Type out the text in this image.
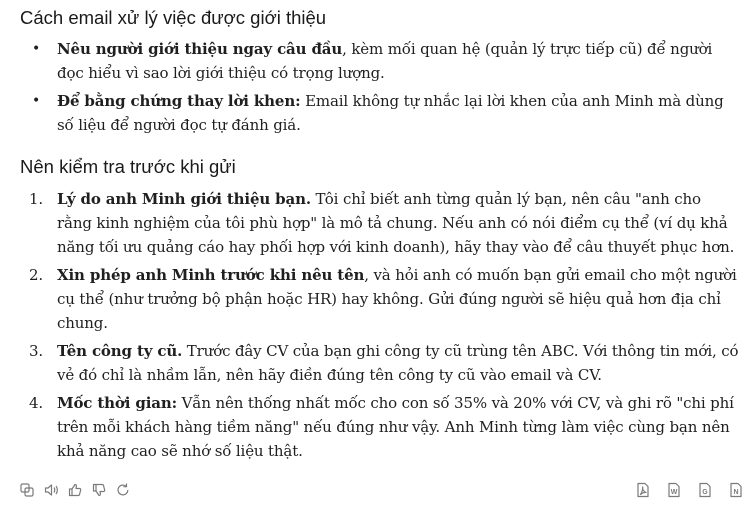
Cách email xử lý việc được giới thiệu
• Nêu người giới thiệu ngay câu đầu, kèm mối quan hệ (quản lý trực tiếp cũ) để người đọc hiểu vì sao lời giới thiệu có trọng lượng.
• Để bằng chứng thay lời khen: Email không tự nhắc lại lời khen của anh Minh mà dùng số liệu để người đọc tự đánh giá.
Nên kiểm tra trước khi gửi
1. Lý do anh Minh giới thiệu bạn. Tôi chỉ biết anh từng quản lý bạn, nên câu "anh cho rằng kinh nghiệm của tôi phù hợp" là mô tả chung. Nếu anh có nói điểm cụ thể (ví dụ khả năng tối ưu quảng cáo hay phối hợp với kinh doanh), hãy thay vào để câu thuyết phục hơn.
2. Xin phép anh Minh trước khi nêu tên, và hỏi anh có muốn bạn gửi email cho một người cụ thể (như trưởng bộ phận hoặc HR) hay không. Gửi đúng người sẽ hiệu quả hơn địa chỉ chung.
3. Tên công ty cũ. Trước đây CV của bạn ghi công ty cũ trùng tên ABC. Với thông tin mới, có vẻ đó chỉ là nhầm lẫn, nên hãy điền đúng tên công ty cũ vào email và CV.
4. Mốc thời gian: Vẫn nên thống nhất mốc cho con số 35% và 20% với CV, và ghi rõ "chi phí trên mỗi khách hàng tiềm năng" nếu đúng như vậy. Anh Minh từng làm việc cùng bạn nên khả năng cao sẽ nhớ số liệu thật.
W	G	N
